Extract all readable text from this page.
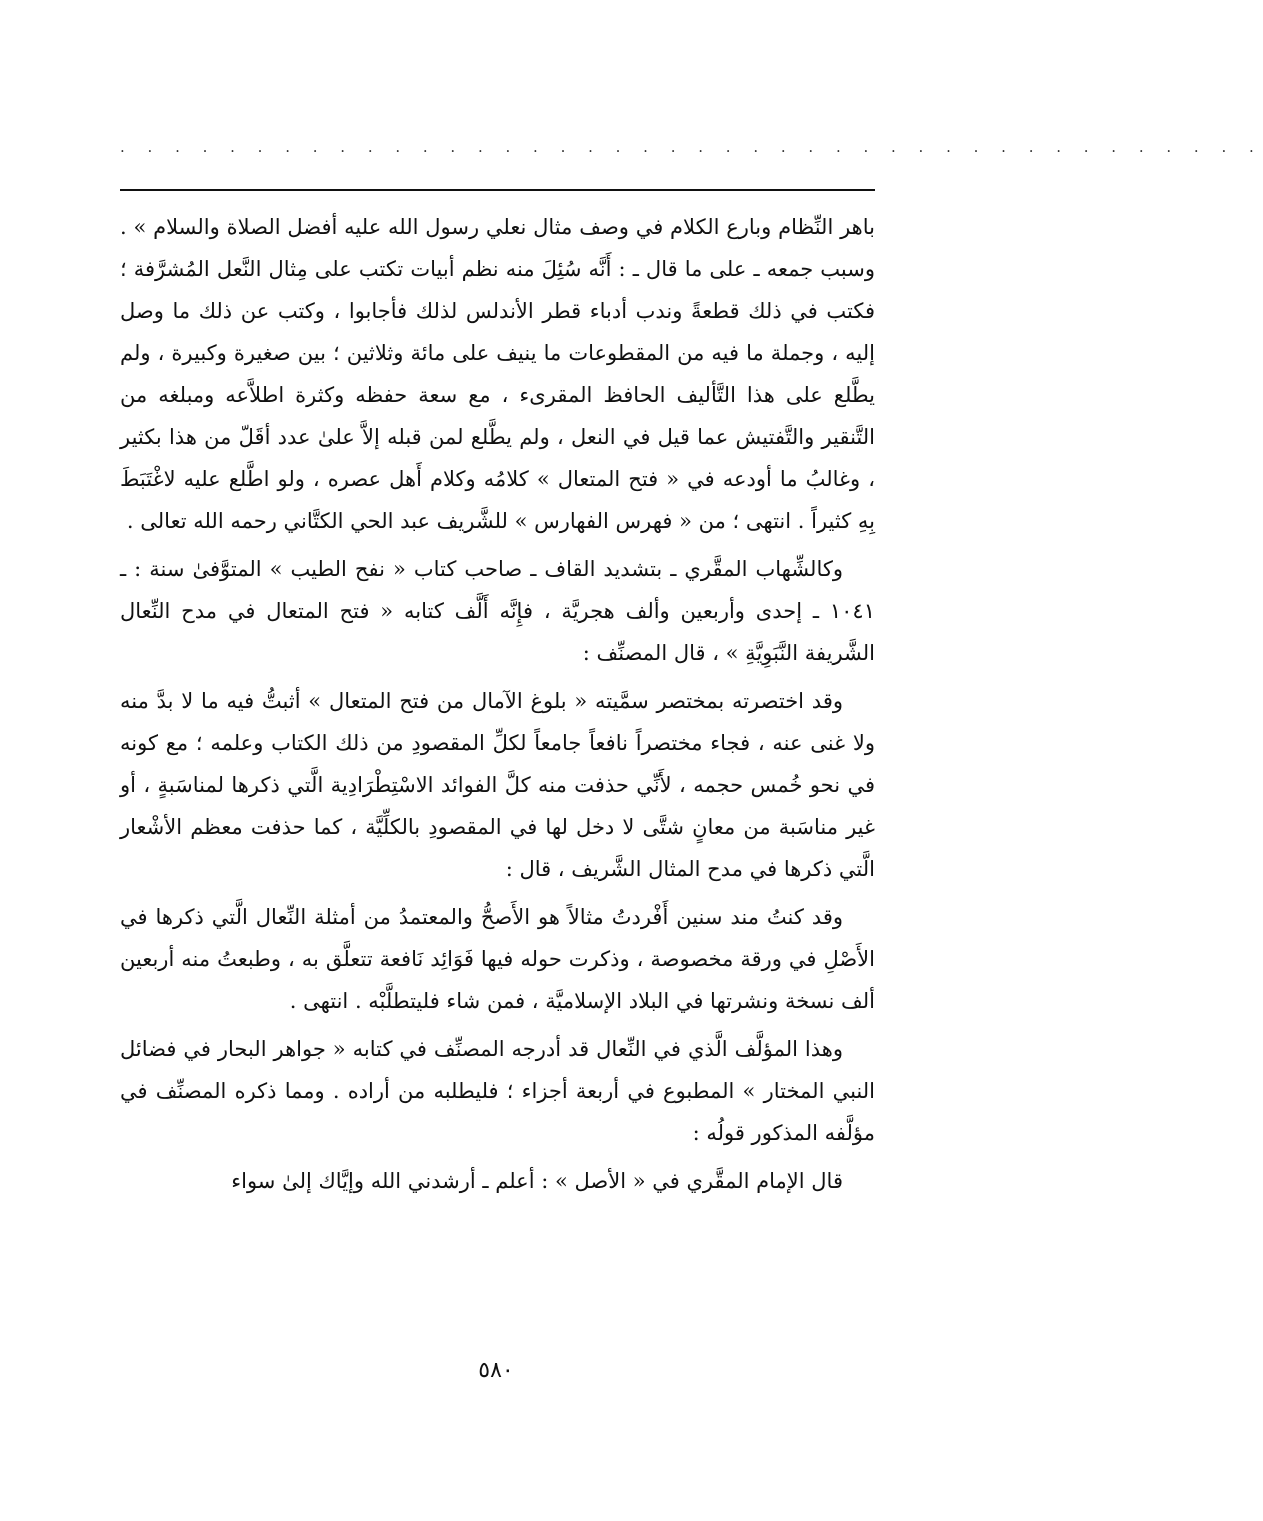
. . . . . . . . . . . . . . . . . . . . . . . . . . . . . . . . . . . . . . . . . .

باهر النِّظام وبارع الكلام في وصف مثال نعلي رسول الله عليه أفضل الصلاة والسلام » . وسبب جمعه ـ على ما قال ـ : أَنَّه سُئِلَ منه نظم أبيات تكتب على مِثال النَّعل المُشرَّفة ؛ فكتب في ذلك قطعةً وندب أدباء قطر الأندلس لذلك فأجابوا ، وكتب عن ذلك ما وصل إليه ، وجملة ما فيه من المقطوعات ما ينيف على مائة وثلاثين ؛ بين صغيرة وكبيرة ، ولم يطَّلع على هذا التَّأليف الحافظ المقرىء ، مع سعة حفظه وكثرة اطلاَّعه ومبلغه من التَّنقير والتَّفتيش عما قيل في النعل ، ولم يطَّلع لمن قبله إلاَّ علىٰ عدد أقَلّ من هذا بكثير ، وغالبُ ما أودعه في « فتح المتعال » كلامُه وكلام أَهل عصره ، ولو اطَّلع عليه لاغْتَبَطَ بِهِ كثيراً . انتهى ؛ من « فهرس الفهارس » للشَّريف عبد الحي الكتَّاني رحمه الله تعالى .

وكالشِّهاب المقَّري ـ بتشديد القاف ـ صاحب كتاب « نفح الطيب » المتوَّفىٰ سنة : ـ ١٠٤١ ـ إحدى وأربعين وألف هجريَّة ، فإِنَّه أَلَّف كتابه « فتح المتعال في مدح النِّعال الشَّريفة النَّبَوِيَّةِ » ، قال المصنِّف :

وقد اختصرته بمختصر سمَّيته « بلوغ الآمال من فتح المتعال » أثبتُّ فيه ما لا بدَّ منه ولا غنى عنه ، فجاء مختصراً نافعاً جامعاً لكلِّ المقصودِ من ذلك الكتاب وعلمه ؛ مع كونه في نحو خُمس حجمه ، لأَنِّي حذفت منه كلَّ الفوائد الاسْتِطْرَادِية الَّتي ذكرها لمناسَبةٍ ، أو غير مناسَبة من معانٍ شتَّى لا دخل لها في المقصودِ بالكلِّيَّة ، كما حذفت معظم الأشْعار الَّتي ذكرها في مدح المثال الشَّريف ، قال :

وقد كنتُ مند سنين أَفْردتُ مثالاً هو الأَصحُّ والمعتمدُ من أمثلة النِّعال الَّتي ذكرها في الأَصْلِ في ورقة مخصوصة ، وذكرت حوله فيها فَوَائِد نَافعة تتعلَّق به ، وطبعتُ منه أربعين ألف نسخة ونشرتها في البلاد الإسلاميَّة ، فمن شاء فليتطلَّبْه . انتهى .

وهذا المؤلَّف الَّذي في النِّعال قد أدرجه المصنِّف في كتابه « جواهر البحار في فضائل النبي المختار » المطبوع في أربعة أجزاء ؛ فليطلبه من أراده . ومما ذكره المصنِّف في مؤلَّفه المذكور قولُه :

قال الإمام المقَّري في « الأصل » : أعلم ـ أرشدني الله وإيَّاك إلىٰ سواء

٥٨٠
